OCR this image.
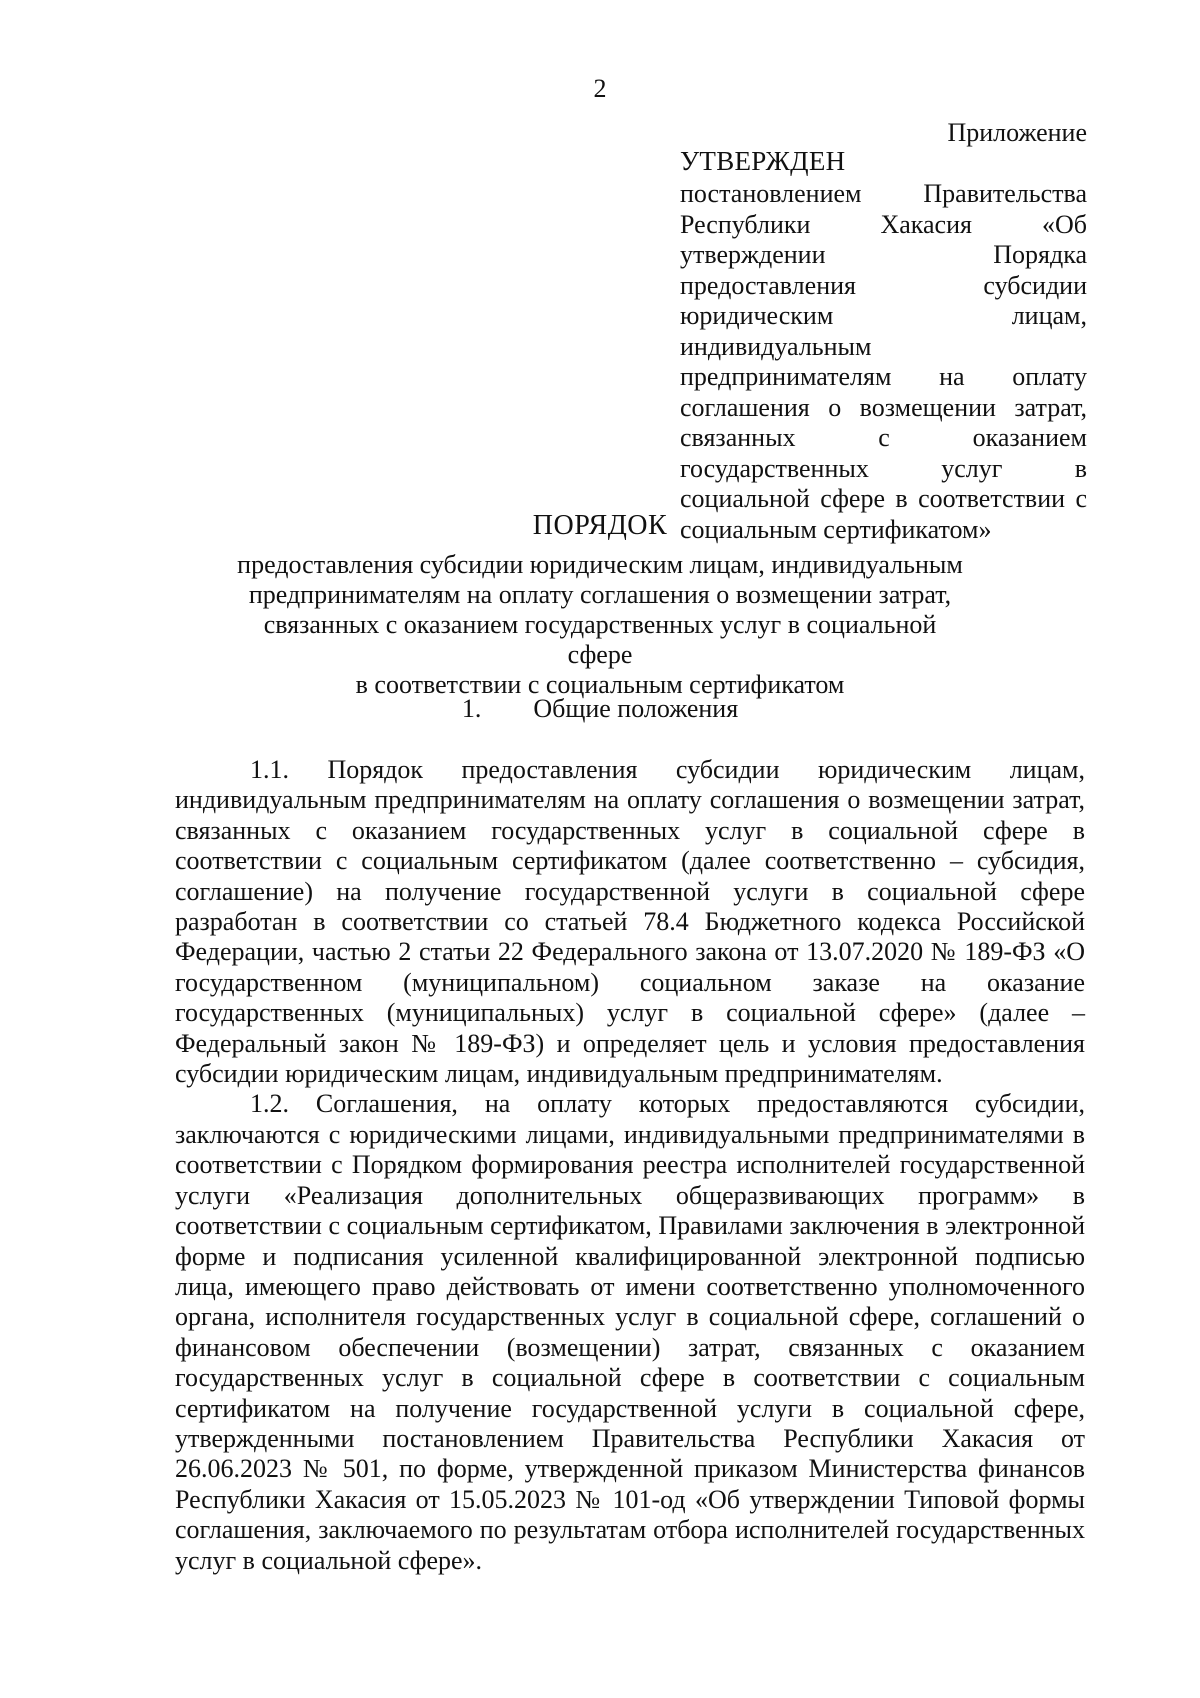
2
Приложение
УТВЕРЖДЕН
постановлением Правительства Республики Хакасия «Об утверждении Порядка предоставления субсидии юридическим лицам, индивидуальным предпринимателям на оплату соглашения о возмещении затрат, связанных с оказанием государственных услуг в социальной сфере в соответствии с социальным сертификатом»
ПОРЯДОК
предоставления субсидии юридическим лицам, индивидуальным
предпринимателям на оплату соглашения о возмещении затрат,
связанных с оказанием государственных услуг в социальной сфере
в соответствии с социальным сертификатом
1. Общие положения

1.1. Порядок предоставления субсидии юридическим лицам, индивидуальным предпринимателям на оплату соглашения о возмещении затрат, связанных с оказанием государственных услуг в социальной сфере в соответствии с социальным сертификатом (далее соответственно – субсидия, соглашение) на получение государственной услуги в социальной сфере разработан в соответствии со статьей 78.4 Бюджетного кодекса Российской Федерации, частью 2 статьи 22 Федерального закона от 13.07.2020 № 189-ФЗ «О государственном (муниципальном) социальном заказе на оказание государственных (муниципальных) услуг в социальной сфере» (далее – Федеральный закон № 189-ФЗ) и определяет цель и условия предоставления субсидии юридическим лицам, индивидуальным предпринимателям.

1.2. Соглашения, на оплату которых предоставляются субсидии, заключаются с юридическими лицами, индивидуальными предпринимателями в соответствии с Порядком формирования реестра исполнителей государственной услуги «Реализация дополнительных общеразвивающих программ» в соответствии с социальным сертификатом, Правилами заключения в электронной форме и подписания усиленной квалифицированной электронной подписью лица, имеющего право действовать от имени соответственно уполномоченного органа, исполнителя государственных услуг в социальной сфере, соглашений о финансовом обеспечении (возмещении) затрат, связанных с оказанием государственных услуг в социальной сфере в соответствии с социальным сертификатом на получение государственной услуги в социальной сфере, утвержденными постановлением Правительства Республики Хакасия от 26.06.2023 № 501, по форме, утвержденной приказом Министерства финансов Республики Хакасия от 15.05.2023 № 101-од «Об утверждении Типовой формы соглашения, заключаемого по результатам отбора исполнителей государственных услуг в социальной сфере».
